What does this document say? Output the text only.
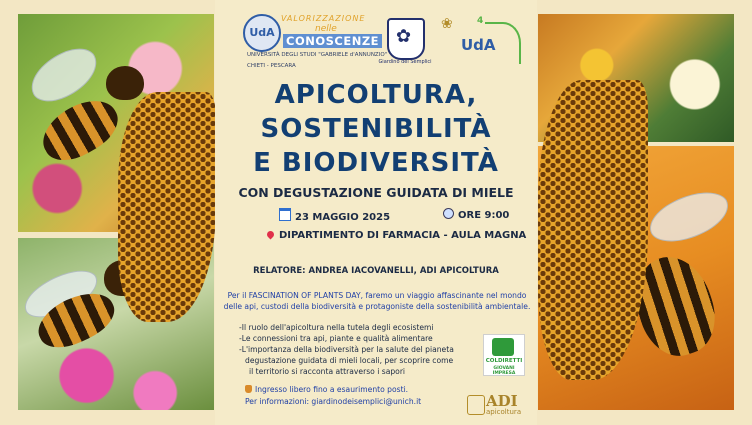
UdA
VALORIZZAZIONE
nelle
CONOSCENZE
UNIVERSITÀ DEGLI STUDI "GABRIELE d'ANNUNZIO"
CHIETI - PESCARA
✿
Giardino dei Semplici
❀	4
UdA
APICOLTURA,
SOSTENIBILITÀ
E BIODIVERSITÀ
CON DEGUSTAZIONE GUIDATA DI MIELE
23 MAGGIO 2025	ORE 9:00
DIPARTIMENTO DI FARMACIA - AULA MAGNA
RELATORE: ANDREA IACOVANELLI, ADI APICOLTURA
Per il FASCINATION OF PLANTS DAY, faremo un viaggio affascinante nel mondo delle api, custodi della biodiversità e protagoniste della sostenibilità ambientale.
-Il ruolo dell'apicoltura nella tutela degli ecosistemi
-Le connessioni tra api, piante e qualità alimentare
-L'importanza della biodiversità per la salute del pianeta
degustazione guidata di mieli locali, per scoprire come
il territorio si racconta attraverso i sapori
Ingresso libero fino a esaurimento posti.
Per informazioni: giardinodeisemplici@unich.it
COLDIRETTI
GIOVANI IMPRESA
ADI
apicoltura
